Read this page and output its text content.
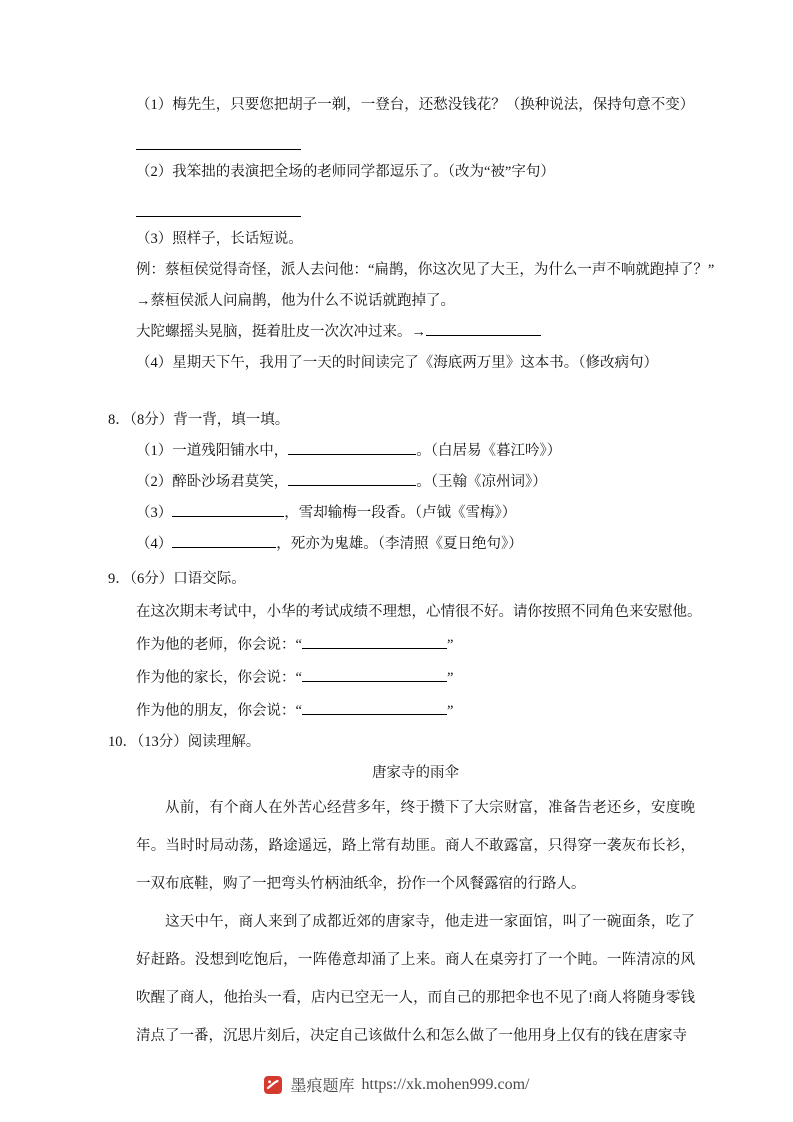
（1）梅先生，只要您把胡子一剃，一登台，还愁没钱花？（换种说法，保持句意不变）
（2）我笨拙的表演把全场的老师同学都逗乐了。（改为“被”字句）
（3）照样子，长话短说。
例：蔡桓侯觉得奇怪，派人去问他：“扁鹊，你这次见了大王，为什么一声不响就跑掉了？”
→蔡桓侯派人问扁鹊，他为什么不说话就跑掉了。
大陀螺摇头晃脑，挺着肚皮一次次冲过来。→
（4）星期天下午，我用了一天的时间读完了《海底两万里》这本书。（修改病句）
8．（8分）背一背，填一填。
（1）一道残阳铺水中，	。（白居易《暮江吟》）
（2）醉卧沙场君莫笑，	。（王翰《凉州词》）
（3）	，雪却输梅一段香。（卢钺《雪梅》）
（4）	，死亦为鬼雄。（李清照《夏日绝句》）
9．（6分）口语交际。
在这次期末考试中，小华的考试成绩不理想，心情很不好。请你按照不同角色来安慰他。
作为他的老师，你会说：“	”
作为他的家长，你会说：“	”
作为他的朋友，你会说：“	”
10．（13分）阅读理解。
唐家寺的雨伞

从前，有个商人在外苦心经营多年，终于攒下了大宗财富，准备告老还乡，安度晚年。当时时局动荡，路途遥远，路上常有劫匪。商人不敢露富，只得穿一袭灰布长衫，一双布底鞋，购了一把弯头竹柄油纸伞，扮作一个风餐露宿的行路人。

这天中午，商人来到了成都近郊的唐家寺，他走进一家面馆，叫了一碗面条，吃了好赶路。没想到吃饱后，一阵倦意却涌了上来。商人在桌旁打了一个盹。一阵清凉的风吹醒了商人，他抬头一看，店内已空无一人，而自己的那把伞也不见了!商人将随身零钱清点了一番，沉思片刻后，决定自己该做什么和怎么做了一他用身上仅有的钱在唐家寺

墨痕题库 https://xk.mohen999.com/
